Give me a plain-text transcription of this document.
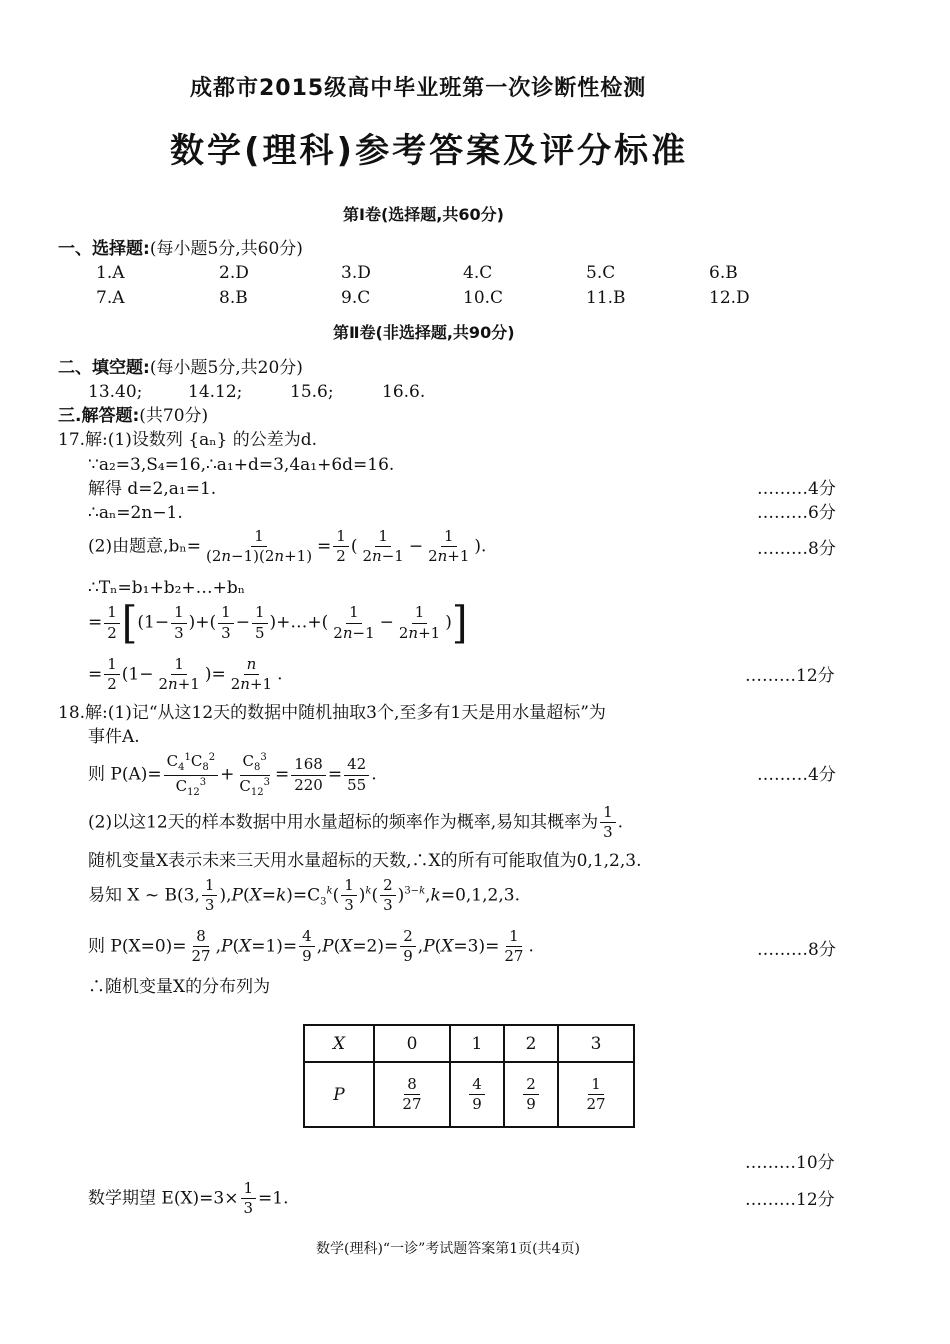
成都市2015级高中毕业班第一次诊断性检测
数学(理科)参考答案及评分标准
第Ⅰ卷(选择题,共60分)
一、选择题:(每小题5分,共60分)
1.A	2.D	3.D	4.C	5.C	6.B
7.A	8.B	9.C	10.C	11.B	12.D
第Ⅱ卷(非选择题,共90分)
二、填空题:(每小题5分,共20分)
13.40;	14.12;	15.6;	16.6.
三.解答题:(共70分)
17.解:(1)设数列 {aₙ} 的公差为d.
∵a₂=3,S₄=16,∴a₁+d=3,4a₁+6d=16.
解得 d=2,a₁=1.	………4分
∴aₙ=2n−1.	………6分
(2)由题意$,b_n= \frac{1}{(2n-1)(2n+1)} = \frac{1}{2}$ ( $\frac{1}{2n-1} - \frac{1}{2n+1}$ ).	………8分
∴Tₙ=b₁+b₂+…+bₙ
= $\frac{1}{2} [(1- \frac{1}{3}$ )+( $\frac{1}{3} - \frac{1}{5}$ )+…+( $\frac{1}{2n-1} - \frac{1}{2n+1}$ )]
= $\frac{1}{2} (1- \frac{1}{2n+1}$ )= $\frac{n}{2n+1}$ .	………12分
18.解:(1)记“从这12天的数据中随机抽取3个,至多有1天是用水量超标”为
事件A.
则 $P(A)= \frac{C_4^1C_8^2}{C_{12}^3} + \frac{C_8^3}{C_{12}^3} = \frac{168}{220} = \frac{42}{55}$ .	………4分
(2)以这12天的样本数据中用水量超标的频率作为概率,易知其概率为 $\frac{1}{3}$ .
随机变量X表示未来三天用水量超标的天数,∴X的所有可能取值为0,1,2,3.
易知 X ~ B(3, $\frac{1}{3} ),P(X=k)=C_3^k( \frac{1}{3} )^k( \frac{2}{3} )^{3-k},k=0,1,2,3$.
则 $P(X=0)= \frac{8}{27} ,P(X=1)= \frac{4}{9} ,P(X=2)= \frac{2}{9} ,P(X=3)= \frac{1}{27}$ .	………8分
∴随机变量X的分布列为
X	0	1	2	3
P	$\frac{8}{27}$	$\frac{4}{9}$	$\frac{2}{9}$	$\frac{1}{27}$
………10分
数学期望 $E(X)=3\times \frac{1}{3} =1$.	………12分
数学(理科)“一诊”考试题答案第1页(共4页)
